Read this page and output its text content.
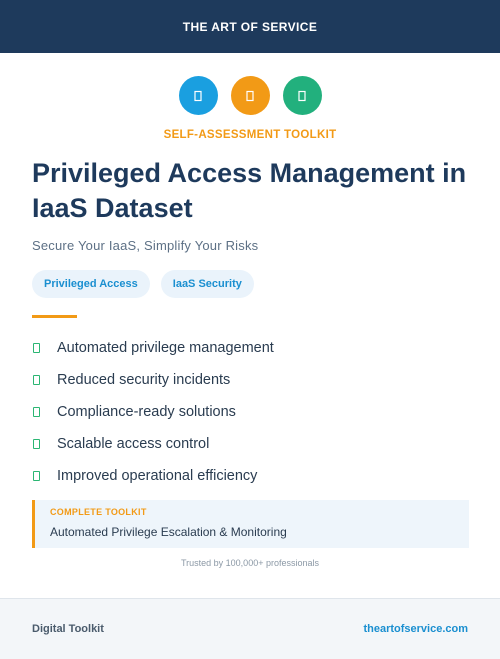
THE ART OF SERVICE
SELF-ASSESSMENT TOOLKIT
Privileged Access Management in IaaS Dataset
Secure Your IaaS, Simplify Your Risks
Privileged Access	IaaS Security
Automated privilege management
Reduced security incidents
Compliance-ready solutions
Scalable access control
Improved operational efficiency
COMPLETE TOOLKIT
Automated Privilege Escalation & Monitoring
Trusted by 100,000+ professionals
Digital Toolkit	theartofservice.com
